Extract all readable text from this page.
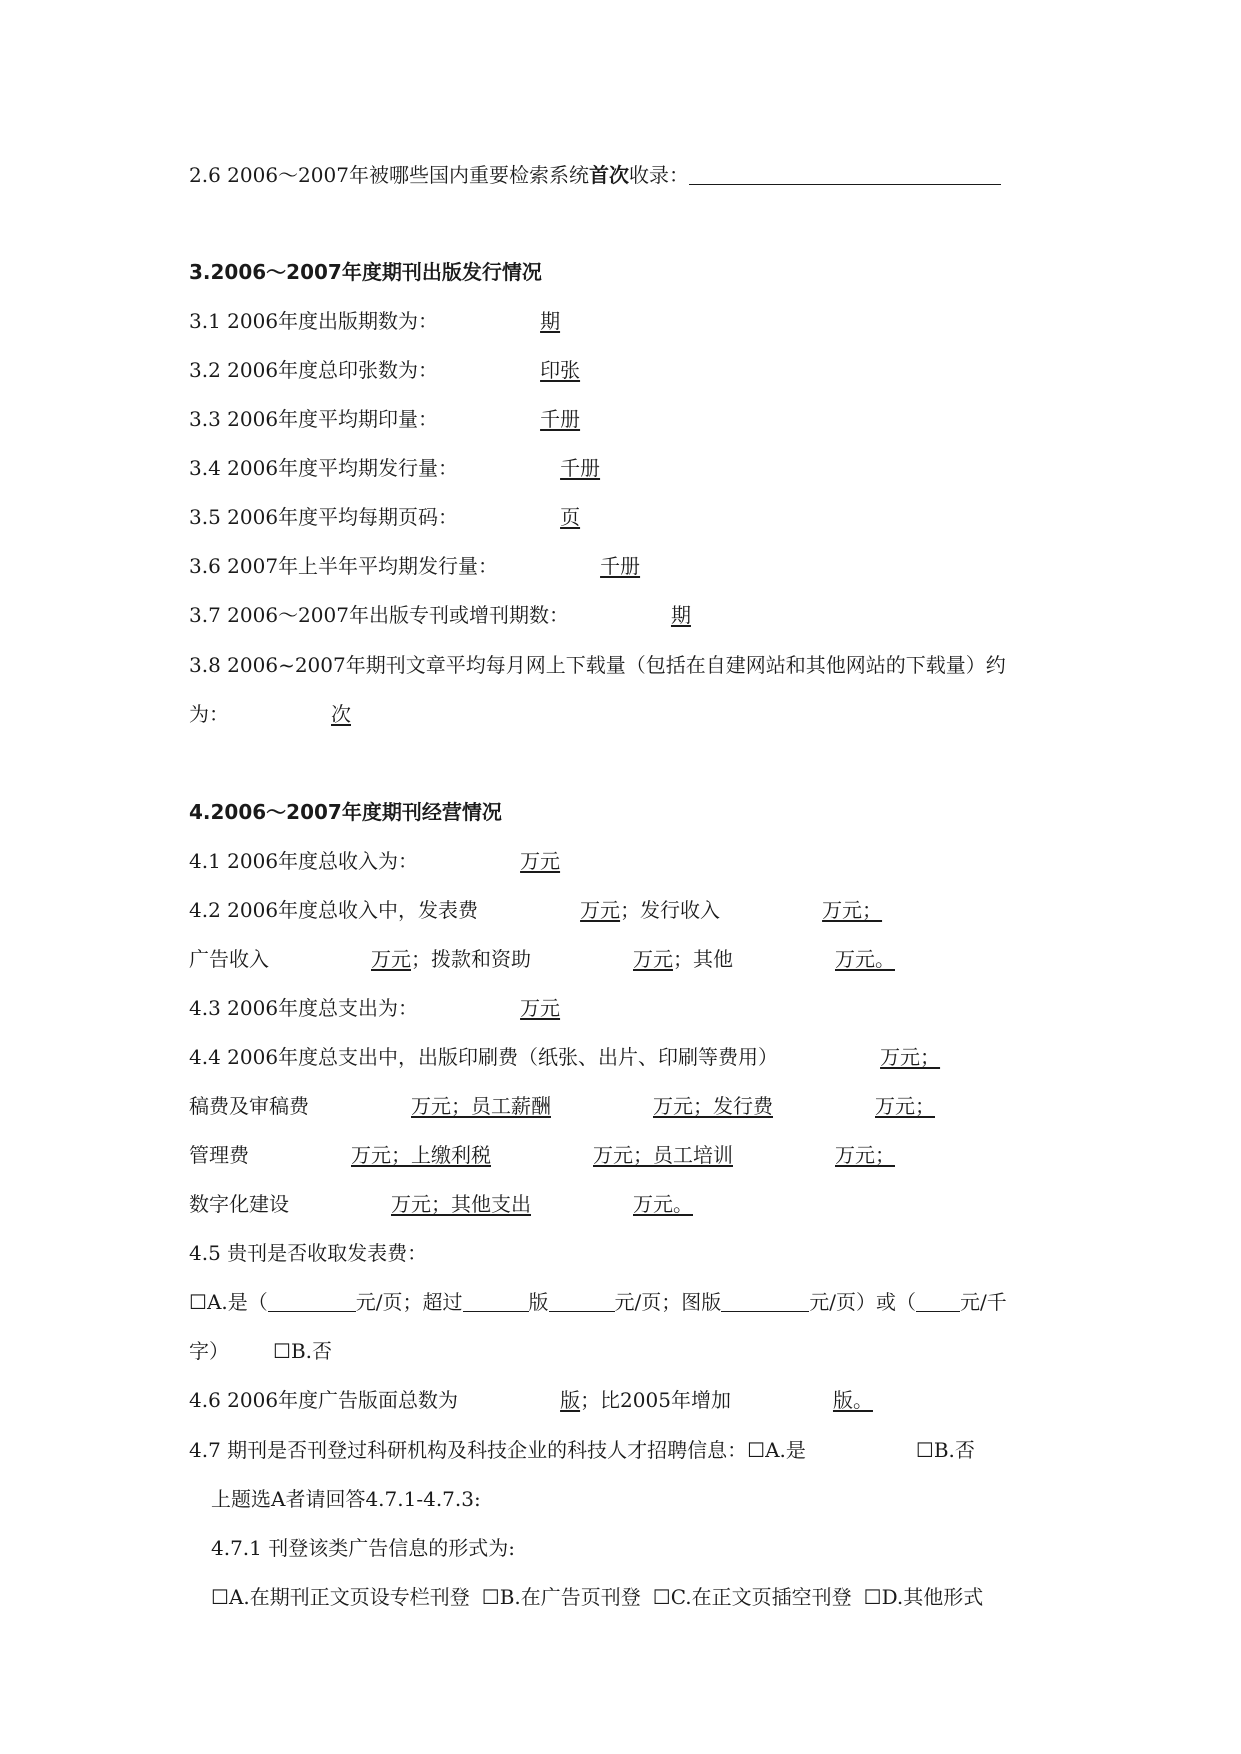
2.6 2006～2007年被哪些国内重要检索系统首次收录：
3.2006～2007年度期刊出版发行情况
3.1 2006年度出版期数为：	期
3.2 2006年度总印张数为：	印张
3.3 2006年度平均期印量：	千册
3.4 2006年度平均期发行量：	千册
3.5 2006年度平均每期页码：	页
3.6 2007年上半年平均期发行量：	千册
3.7 2006～2007年出版专刊或增刊期数：	期
3.8 2006~2007年期刊文章平均每月网上下载量（包括在自建网站和其他网站的下载量）约
为：	次
4.2006～2007年度期刊经营情况
4.1 2006年度总收入为：	万元
4.2 2006年度总收入中，发表费	万元；发行收入	万元；
广告收入	万元；拨款和资助	万元；其他	万元。
4.3 2006年度总支出为：	万元
4.4 2006年度总支出中，出版印刷费（纸张、出片、印刷等费用）	万元；
稿费及审稿费	万元；员工薪酬	万元；发行费	万元；
管理费	万元；上缴利税	万元；员工培训	万元；
数字化建设	万元；其他支出	万元。
4.5 贵刊是否收取发表费：
☐A.是（	元/页；超过	版	元/页；图版	元/页）或（ 元/千
字） ☐B.否
4.6 2006年度广告版面总数为	版；比2005年增加	版。
4.7 期刊是否刊登过科研机构及科技企业的科技人才招聘信息：☐A.是	☐B.否
上题选A者请回答4.7.1-4.7.3:
4.7.1 刊登该类广告信息的形式为:
☐A.在期刊正文页设专栏刊登 ☐B.在广告页刊登 ☐C.在正文页插空刊登 ☐D.其他形式
